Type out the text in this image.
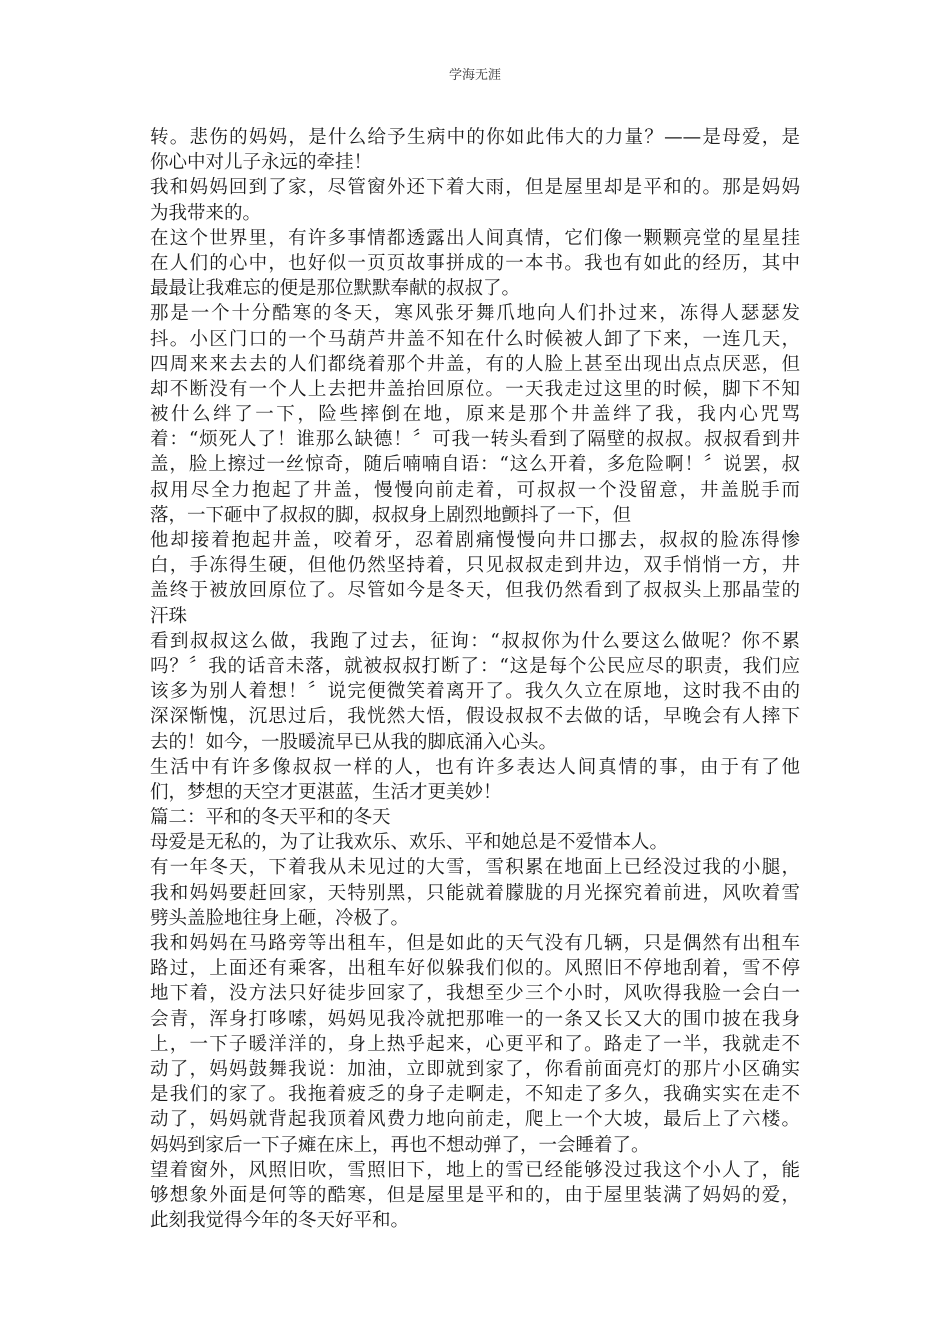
学海无涯
转。悲伤的妈妈，是什么给予生病中的你如此伟大的力量？——是母爱，是
你心中对儿子永远的牵挂！
我和妈妈回到了家，尽管窗外还下着大雨，但是屋里却是平和的。那是妈妈
为我带来的。
在这个世界里，有许多事情都透露出人间真情，它们像一颗颗亮堂的星星挂
在人们的心中，也好似一页页故事拼成的一本书。我也有如此的经历，其中
最最让我难忘的便是那位默默奉献的叔叔了。
那是一个十分酷寒的冬天，寒风张牙舞爪地向人们扑过来，冻得人瑟瑟发
抖。小区门口的一个马葫芦井盖不知在什么时候被人卸了下来，一连几天，
四周来来去去的人们都绕着那个井盖，有的人脸上甚至出现出点点厌恶，但
却不断没有一个人上去把井盖抬回原位。一天我走过这里的时候，脚下不知
被什么绊了一下，险些摔倒在地，原来是那个井盖绊了我，我内心咒骂
着：“烦死人了！谁那么缺德！〞可我一转头看到了隔壁的叔叔。叔叔看到井
盖，脸上擦过一丝惊奇，随后喃喃自语：“这么开着，多危险啊！〞说罢，叔
叔用尽全力抱起了井盖，慢慢向前走着，可叔叔一个没留意，井盖脱手而
落，一下砸中了叔叔的脚，叔叔身上剧烈地颤抖了一下，但
他却接着抱起井盖，咬着牙，忍着剧痛慢慢向井口挪去，叔叔的脸冻得惨
白，手冻得生硬，但他仍然坚持着，只见叔叔走到井边，双手悄悄一方，井
盖终于被放回原位了。尽管如今是冬天，但我仍然看到了叔叔头上那晶莹的
汗珠
看到叔叔这么做，我跑了过去，征询：“叔叔你为什么要这么做呢？你不累
吗？〞我的话音未落，就被叔叔打断了：“这是每个公民应尽的职责，我们应
该多为别人着想！〞说完便微笑着离开了。我久久立在原地，这时我不由的
深深惭愧，沉思过后，我恍然大悟，假设叔叔不去做的话，早晚会有人摔下
去的！如今，一股暖流早已从我的脚底涌入心头。
生活中有许多像叔叔一样的人，也有许多表达人间真情的事，由于有了他
们，梦想的天空才更湛蓝，生活才更美妙！
篇二：平和的冬天平和的冬天
母爱是无私的，为了让我欢乐、欢乐、平和她总是不爱惜本人。
有一年冬天，下着我从未见过的大雪，雪积累在地面上已经没过我的小腿，
我和妈妈要赶回家，天特别黑，只能就着朦胧的月光探究着前进，风吹着雪
劈头盖脸地往身上砸，冷极了。
我和妈妈在马路旁等出租车，但是如此的天气没有几辆，只是偶然有出租车
路过，上面还有乘客，出租车好似躲我们似的。风照旧不停地刮着，雪不停
地下着，没方法只好徒步回家了，我想至少三个小时，风吹得我脸一会白一
会青，浑身打哆嗦，妈妈见我冷就把那唯一的一条又长又大的围巾披在我身
上，一下子暖洋洋的，身上热乎起来，心更平和了。路走了一半，我就走不
动了，妈妈鼓舞我说：加油，立即就到家了，你看前面亮灯的那片小区确实
是我们的家了。我拖着疲乏的身子走啊走，不知走了多久，我确实实在走不
动了，妈妈就背起我顶着风费力地向前走，爬上一个大坡，最后上了六楼。
妈妈到家后一下子瘫在床上，再也不想动弹了，一会睡着了。
望着窗外，风照旧吹，雪照旧下，地上的雪已经能够没过我这个小人了，能
够想象外面是何等的酷寒，但是屋里是平和的，由于屋里装满了妈妈的爱，
此刻我觉得今年的冬天好平和。
